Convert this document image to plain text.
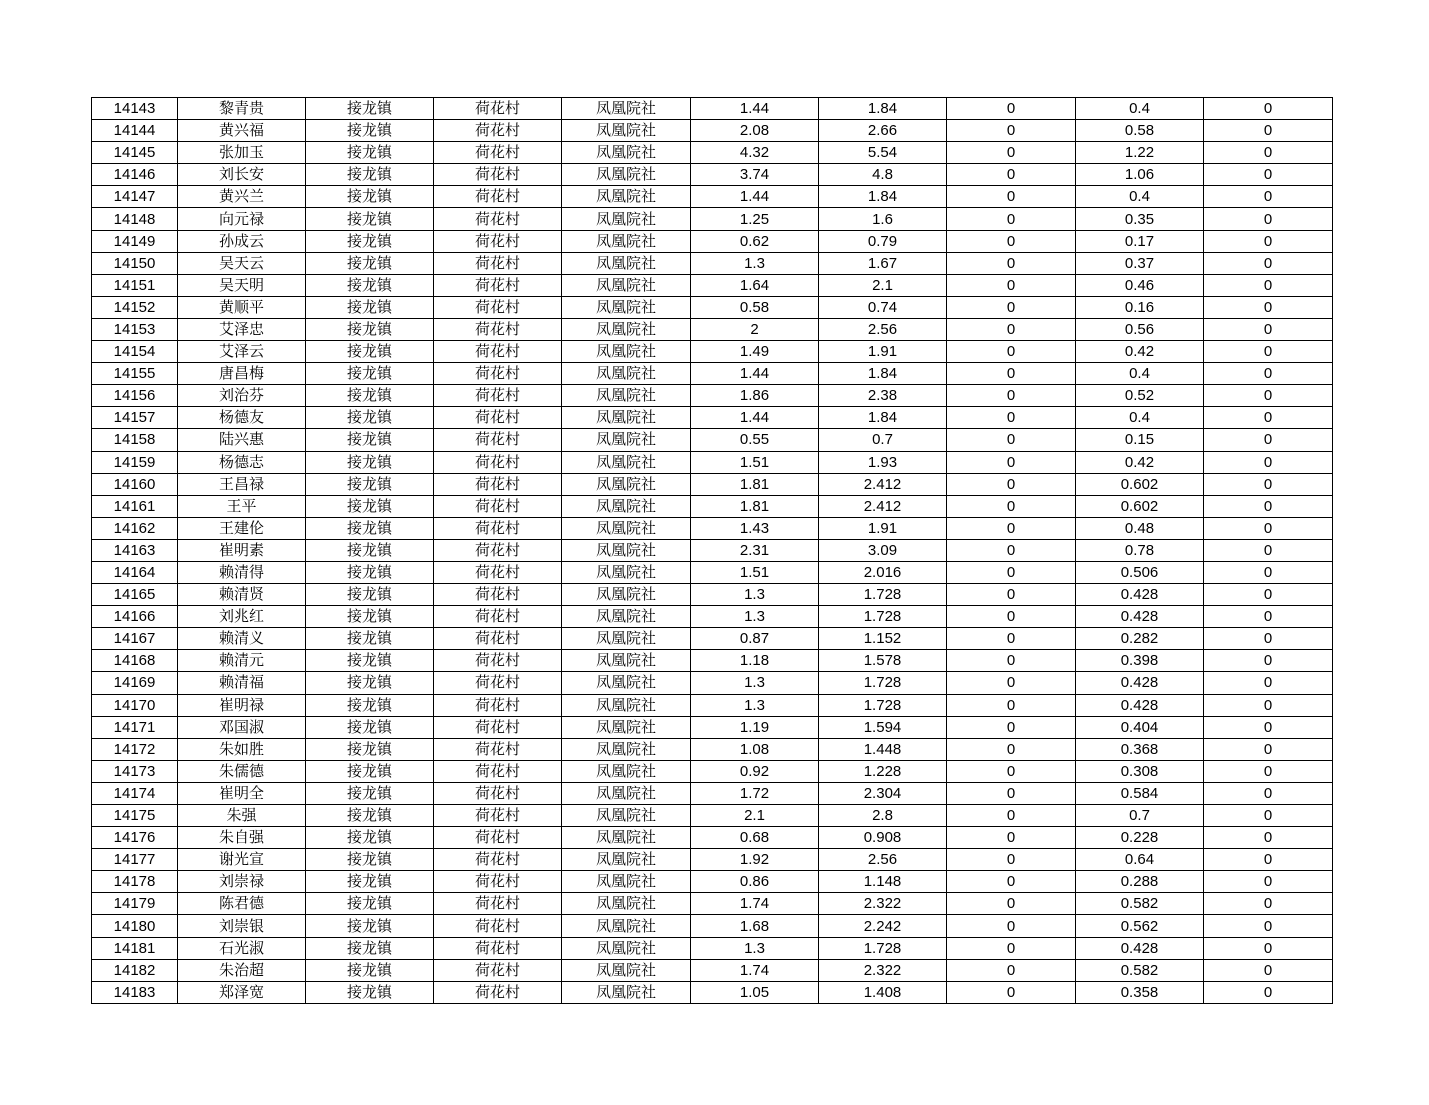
14143	黎青贵	接龙镇	荷花村	凤凰院社	1.44	1.84	0	0.4	0
14144	黄兴福	接龙镇	荷花村	凤凰院社	2.08	2.66	0	0.58	0
14145	张加玉	接龙镇	荷花村	凤凰院社	4.32	5.54	0	1.22	0
14146	刘长安	接龙镇	荷花村	凤凰院社	3.74	4.8	0	1.06	0
14147	黄兴兰	接龙镇	荷花村	凤凰院社	1.44	1.84	0	0.4	0
14148	向元禄	接龙镇	荷花村	凤凰院社	1.25	1.6	0	0.35	0
14149	孙成云	接龙镇	荷花村	凤凰院社	0.62	0.79	0	0.17	0
14150	吴天云	接龙镇	荷花村	凤凰院社	1.3	1.67	0	0.37	0
14151	吴天明	接龙镇	荷花村	凤凰院社	1.64	2.1	0	0.46	0
14152	黄顺平	接龙镇	荷花村	凤凰院社	0.58	0.74	0	0.16	0
14153	艾泽忠	接龙镇	荷花村	凤凰院社	2	2.56	0	0.56	0
14154	艾泽云	接龙镇	荷花村	凤凰院社	1.49	1.91	0	0.42	0
14155	唐昌梅	接龙镇	荷花村	凤凰院社	1.44	1.84	0	0.4	0
14156	刘治芬	接龙镇	荷花村	凤凰院社	1.86	2.38	0	0.52	0
14157	杨德友	接龙镇	荷花村	凤凰院社	1.44	1.84	0	0.4	0
14158	陆兴惠	接龙镇	荷花村	凤凰院社	0.55	0.7	0	0.15	0
14159	杨德志	接龙镇	荷花村	凤凰院社	1.51	1.93	0	0.42	0
14160	王昌禄	接龙镇	荷花村	凤凰院社	1.81	2.412	0	0.602	0
14161	王平	接龙镇	荷花村	凤凰院社	1.81	2.412	0	0.602	0
14162	王建伦	接龙镇	荷花村	凤凰院社	1.43	1.91	0	0.48	0
14163	崔明素	接龙镇	荷花村	凤凰院社	2.31	3.09	0	0.78	0
14164	赖清得	接龙镇	荷花村	凤凰院社	1.51	2.016	0	0.506	0
14165	赖清贤	接龙镇	荷花村	凤凰院社	1.3	1.728	0	0.428	0
14166	刘兆红	接龙镇	荷花村	凤凰院社	1.3	1.728	0	0.428	0
14167	赖清义	接龙镇	荷花村	凤凰院社	0.87	1.152	0	0.282	0
14168	赖清元	接龙镇	荷花村	凤凰院社	1.18	1.578	0	0.398	0
14169	赖清福	接龙镇	荷花村	凤凰院社	1.3	1.728	0	0.428	0
14170	崔明禄	接龙镇	荷花村	凤凰院社	1.3	1.728	0	0.428	0
14171	邓国淑	接龙镇	荷花村	凤凰院社	1.19	1.594	0	0.404	0
14172	朱如胜	接龙镇	荷花村	凤凰院社	1.08	1.448	0	0.368	0
14173	朱儒德	接龙镇	荷花村	凤凰院社	0.92	1.228	0	0.308	0
14174	崔明全	接龙镇	荷花村	凤凰院社	1.72	2.304	0	0.584	0
14175	朱强	接龙镇	荷花村	凤凰院社	2.1	2.8	0	0.7	0
14176	朱自强	接龙镇	荷花村	凤凰院社	0.68	0.908	0	0.228	0
14177	谢光宣	接龙镇	荷花村	凤凰院社	1.92	2.56	0	0.64	0
14178	刘崇禄	接龙镇	荷花村	凤凰院社	0.86	1.148	0	0.288	0
14179	陈君德	接龙镇	荷花村	凤凰院社	1.74	2.322	0	0.582	0
14180	刘崇银	接龙镇	荷花村	凤凰院社	1.68	2.242	0	0.562	0
14181	石光淑	接龙镇	荷花村	凤凰院社	1.3	1.728	0	0.428	0
14182	朱治超	接龙镇	荷花村	凤凰院社	1.74	2.322	0	0.582	0
14183	郑泽宽	接龙镇	荷花村	凤凰院社	1.05	1.408	0	0.358	0
